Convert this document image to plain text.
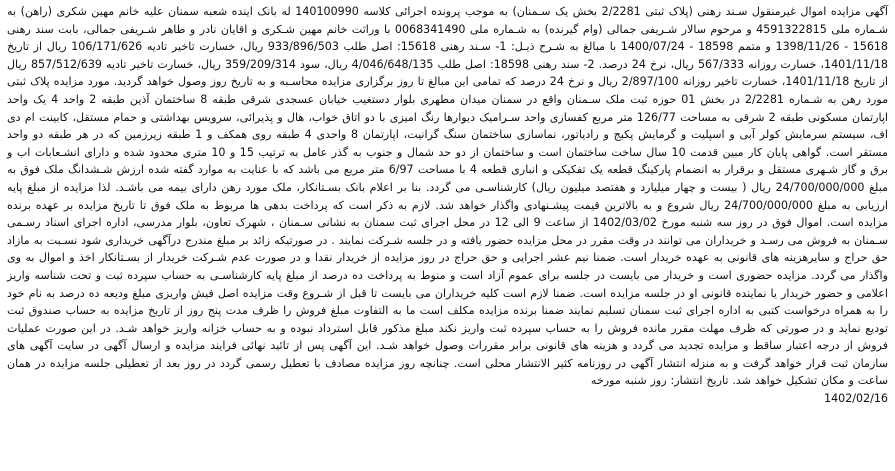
آگهی مزایده اموال غیرمنقول سـند رهنی (پلاک ثبتی 2/2281 بخش یک سـمنان) به موجب پرونده اجرائی کلاسه 140100990 له بانک اینده شعبه سمنان علیه خانم مهین شکری (راهن) به شـماره ملی 4591322815 و مرحوم سالار شـریفی جمالی (وام گیرنده) به شـماره ملی 0068341490 با وراثت خانم مهین شـکری و اقایان نادر و طاهر شـریفی جمالی، بابت سند رهنی 15618 - 1398/11/26 و متمم 18598 - 1400/07/24 با مبالغ به شـرح ذیـل: 1- سـند رهنی 15618: اصل طلب 933/896/503 ریال، خسارت تاخیر تادیه 106/171/626 ریال از تاریخ 1401/11/18، خسارت روزانه 567/333 ریال، نرخ 24 درصد. 2- سند رهنی 18598: اصل طلب 4/046/648/135 ریال، سود 359/209/314 ریال، خسارت تاخیر تادیه 857/512/639 ریال از تاریخ 1401/11/18، خسارت تاخیر روزانه 2/897/100 ریال و نرخ 24 درصد که تمامی این مبالغ تا روز برگزاری مزایده محاسـبه و به تاریخ روز وصول خواهد گردید. مورد مزایده پلاک ثبتی مورد رهن به شـماره 2/2281 در بخش 01 حوزه ثبت ملک سـمنان واقع در سمنان میدان مطهری بلوار دستغیب خیابان عسجدی شرقی طبقه 8 ساختمان آذین طبقه 2 واحد 4 یک واحد اپارتمان مسکونی طبقه 2 شرقی به مساحت 126/77 متر مربع کفسازی واحد سـرامیک دیوارها رنگ امیزی با دو اتاق خواب، هال و پذیرائی، سرویس بهداشتی و حمام مستقل، کابینت ام دی اف، سیستم سرمایش کولر آبی و اسپلیت و گرمایش پکیج و رادیاتور، نماسازی ساختمان سنگ گرانیت، اپارتمان 8 واحدی 4 طبقه روی همکف و 1 طبقه زیرزمین که در هر طبقه دو واحد مستقر است. گواهی پایان کار مبین قدمت 10 سال ساخت ساختمان است و ساختمان از دو حد شمال و جنوب به گذر عامل به ترتیب 15 و 10 متری محدود شده و دارای انشـعابات اب و برق و گاز شـهری مستقل و برقرار به انضمام پارکینگ قطعه یک تفکیکی و انباری قطعه 4 با مساحت 6/97 متر مربع می باشد که با عنایت به موارد گفته شده ارزش شـشدانگ ملک فوق به مبلغ 24/700/000/000 ریال ( بیست و چهار میلیارد و هفتصد میلیون ریال) کارشناسـی می گردد. بنا بر اعلام بانک بسـتانکار، ملک مورد رهن دارای بیمه می باشـد. لذا مزایده از مبلغ پایه ارزیابی به مبلغ 24/700/000/000 ریال شروع و به بالاترین قیمت پیشـنهادی واگذار خواهد شد. لازم به ذکر است که پرداخت بدهی ها مربوط به ملک فوق تا تاریخ مزایده بر عهده برنده مزایده است. اموال فوق در روز سه شنبه مورخ 1402/03/02 از ساعت 9 الی 12 در محل اجرای ثبت سمنان به نشانی سـمنان ، شهرک تعاون، بلوار مدرسی، اداره اجرای اسناد رسـمی سـمنان به فروش می رسـد و خریداران می توانند در وقت مقرر در محل مزایده حضور یافته و در جلسه شـرکت نمایند . در صورتیکه زائد بر مبلغ مندرج درآگهی خریداری شود نسـبت به مازاد حق حراج و سایرهزینه های قانونی به عهده خریدار است. ضمنا نیم عشر اجرایی و حق حراج در روز مزایده از خریدار نقدا و در صورت عدم شـرکت خریدار از بسـتانکار اخذ و اموال به وی واگذار می گردد. مزایده حضوری است و خریدار می بایست در جلسه برای عموم آزاد است و منوط به پرداخت ده درصد از مبلغ پایه کارشناسـی به حساب سپرده ثبت و تحت شناسه واریز اعلامی و حضور خریدار یا نماینده قانونی او در جلسه مزایده است. ضمنا لازم است کلیه خریداران می بایست تا قبل از شـروع وقت مزایده اصل فیش واریزی مبلغ ودیعه ده درصد به نام خود را به همراه درخواست کتبی به اداره اجرای ثبت سمنان تسلیم نمایند ضمنا برنده مزایده مکلف است ما به التفاوت مبلغ فروش را ظرف مدت پنج روز از تاریخ مزایده به حساب صندوق ثبت تودیع نماید و در صورتی که ظرف مهلت مقرر مانده فروش را به حساب سپرده ثبت واریز نکند مبلغ مذکور قابل استرداد نبوده و به حساب خزانه واریز خواهد شـد. در این صورت عملیات فروش از درجه اعتبار ساقط و مزایده تجدید می گردد و هزینه های قانونی برابر مقررات وصول خواهد شـد. این آگهی پس از تائید نهائی فرایند مزایده و ارسال آگهی در سایت آگهی های سازمان ثبت قرار خواهد گرفت و به منزله انتشار آگهی در روزنامه کثیر الانتشار محلی است. چنانچه روز مزایده مصادف با تعطیل رسمی گردد در روز بعد از تعطیلی جلسه مزایده در همان ساعت و مکان تشکیل خواهد شد. تاریخ انتشار: روز شنبه مورخه

1402/02/16
